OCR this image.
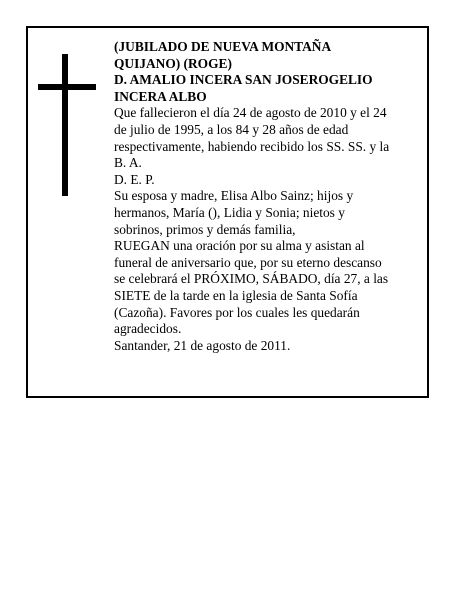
(JUBILADO DE NUEVA MONTAÑA QUIJANO) (ROGE)

D. AMALIO INCERA SAN JOSEROGELIO INCERA ALBO

Que fallecieron el día 24 de agosto de 2010 y el 24 de julio de 1995, a los 84 y 28 años de edad respectivamente, habiendo recibido los SS. SS. y la B. A.

D. E. P.

Su esposa y madre, Elisa Albo Sainz; hijos y hermanos, María (), Lidia y Sonia; nietos y sobrinos, primos y demás familia,

RUEGAN una oración por su alma y asistan al funeral de aniversario que, por su eterno descanso se celebrará el PRÓXIMO, SÁBADO, día 27, a las SIETE de la tarde en la iglesia de Santa Sofía (Cazoña). Favores por los cuales les quedarán agradecidos.

Santander, 21 de agosto de 2011.
